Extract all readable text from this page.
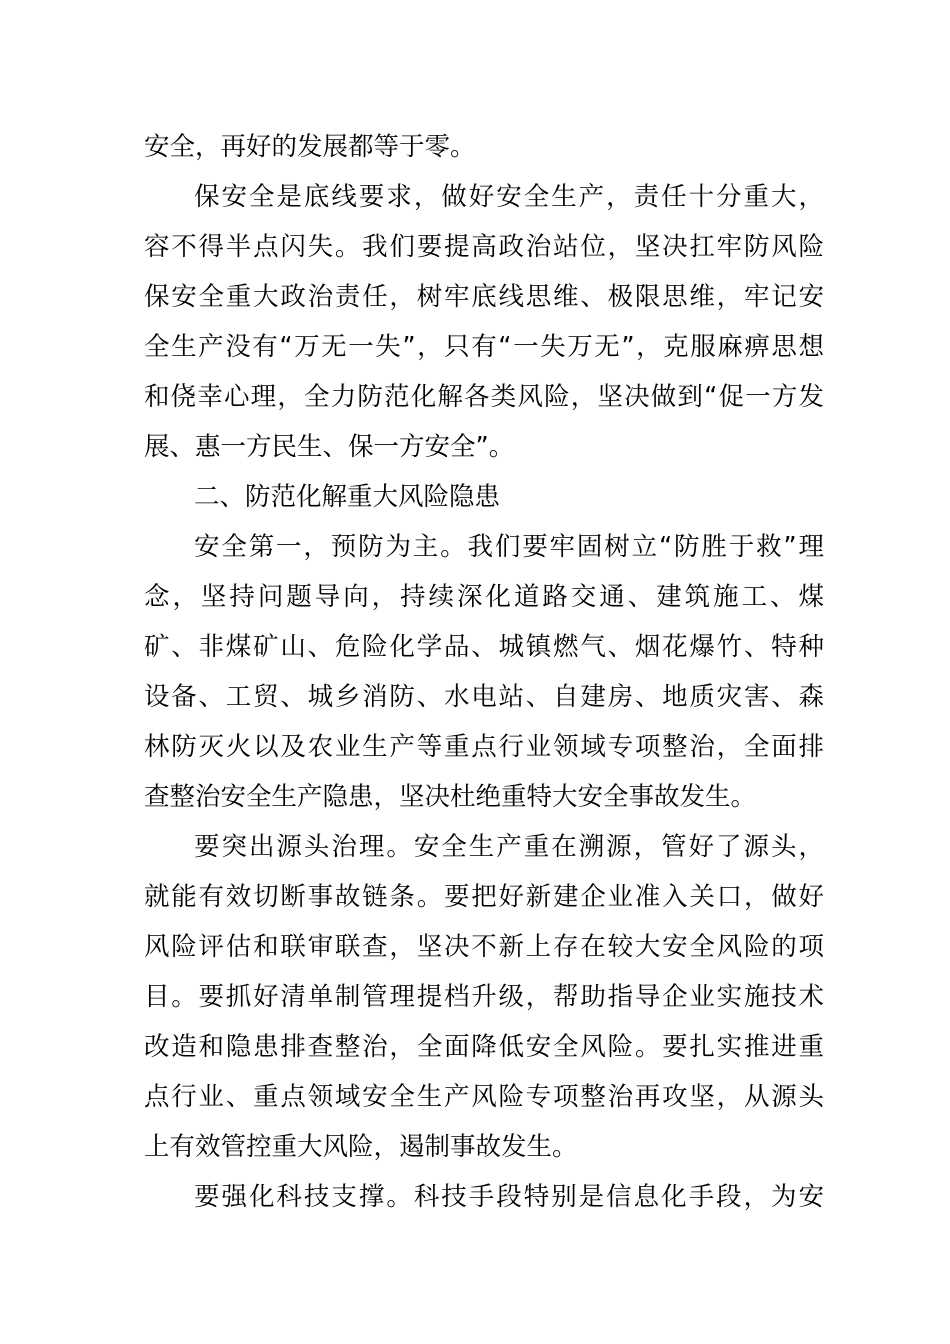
安全，再好的发展都等于零。
保安全是底线要求，做好安全生产，责任十分重大，
容不得半点闪失。我们要提高政治站位，坚决扛牢防风险
保安全重大政治责任，树牢底线思维、极限思维，牢记安
全生产没有“万无一失”，只有“一失万无”，克服麻痹思想
和侥幸心理，全力防范化解各类风险，坚决做到“促一方发
展、惠一方民生、保一方安全”。
二、防范化解重大风险隐患
安全第一，预防为主。我们要牢固树立“防胜于救”理
念，坚持问题导向，持续深化道路交通、建筑施工、煤
矿、非煤矿山、危险化学品、城镇燃气、烟花爆竹、特种
设备、工贸、城乡消防、水电站、自建房、地质灾害、森
林防灭火以及农业生产等重点行业领域专项整治，全面排
查整治安全生产隐患，坚决杜绝重特大安全事故发生。
要突出源头治理。安全生产重在溯源，管好了源头，
就能有效切断事故链条。要把好新建企业准入关口，做好
风险评估和联审联查，坚决不新上存在较大安全风险的项
目。要抓好清单制管理提档升级，帮助指导企业实施技术
改造和隐患排查整治，全面降低安全风险。要扎实推进重
点行业、重点领域安全生产风险专项整治再攻坚，从源头
上有效管控重大风险，遏制事故发生。
要强化科技支撑。科技手段特别是信息化手段，为安
